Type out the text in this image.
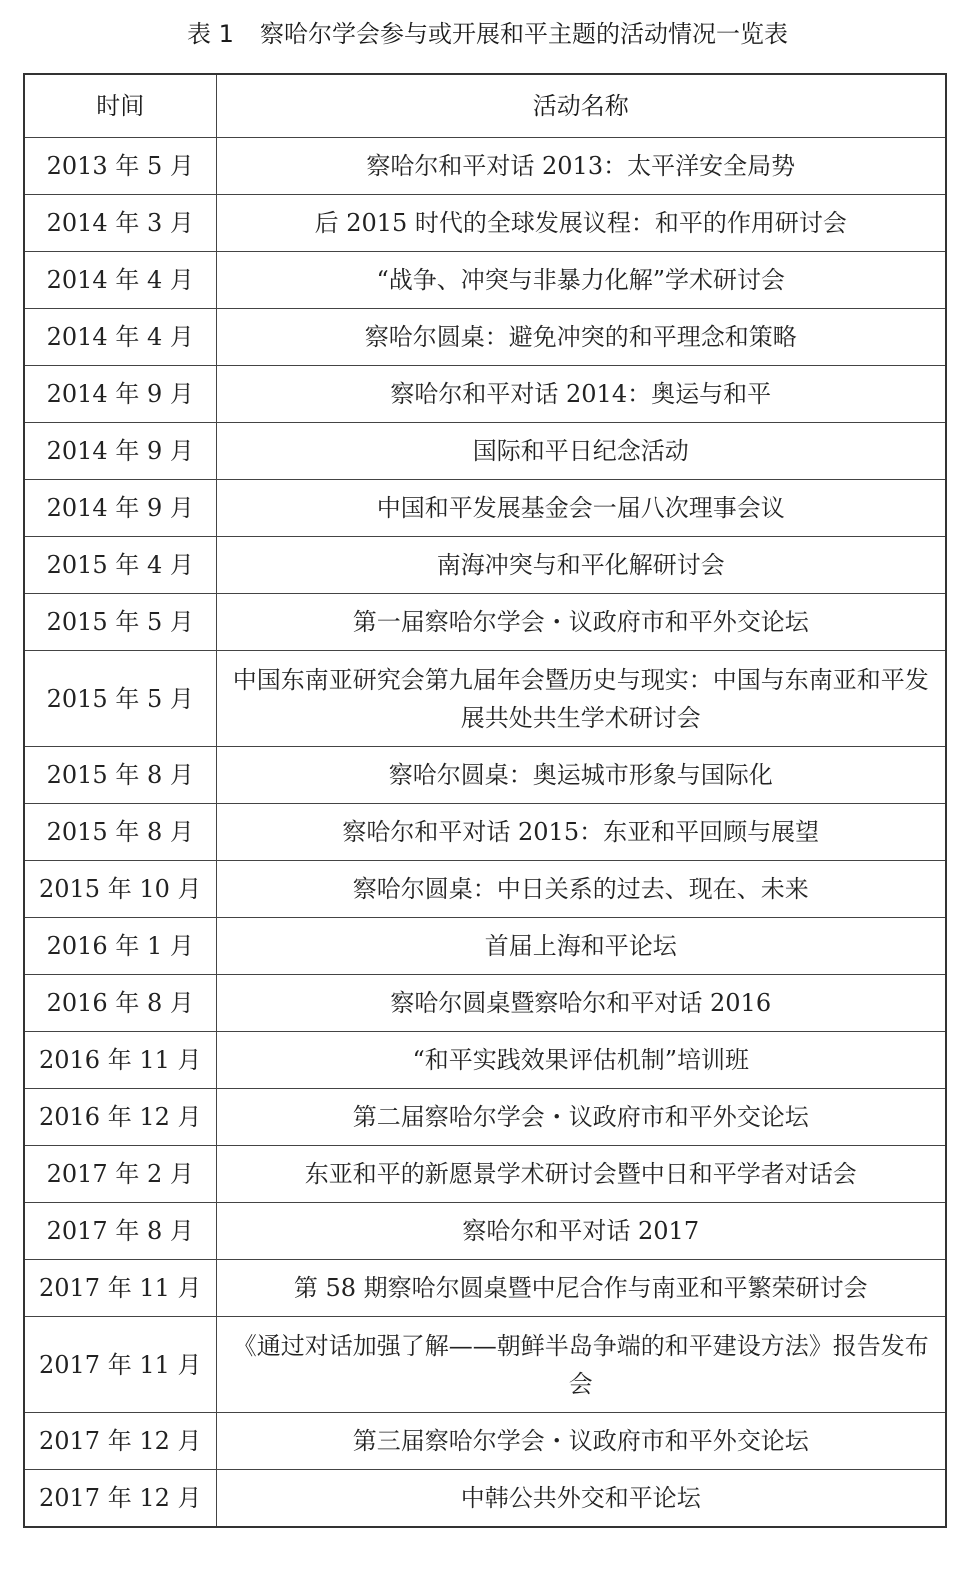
表 1 察哈尔学会参与或开展和平主题的活动情况一览表
时间	活动名称
2013 年 5 月	察哈尔和平对话 2013：太平洋安全局势
2014 年 3 月	后 2015 时代的全球发展议程：和平的作用研讨会
2014 年 4 月	“战争、冲突与非暴力化解”学术研讨会
2014 年 4 月	察哈尔圆桌：避免冲突的和平理念和策略
2014 年 9 月	察哈尔和平对话 2014：奥运与和平
2014 年 9 月	国际和平日纪念活动
2014 年 9 月	中国和平发展基金会一届八次理事会议
2015 年 4 月	南海冲突与和平化解研讨会
2015 年 5 月	第一届察哈尔学会・议政府市和平外交论坛
2015 年 5 月	中国东南亚研究会第九届年会暨历史与现实：中国与东南亚和平发展共处共生学术研讨会
2015 年 8 月	察哈尔圆桌：奥运城市形象与国际化
2015 年 8 月	察哈尔和平对话 2015：东亚和平回顾与展望
2015 年 10 月	察哈尔圆桌：中日关系的过去、现在、未来
2016 年 1 月	首届上海和平论坛
2016 年 8 月	察哈尔圆桌暨察哈尔和平对话 2016
2016 年 11 月	“和平实践效果评估机制”培训班
2016 年 12 月	第二届察哈尔学会・议政府市和平外交论坛
2017 年 2 月	东亚和平的新愿景学术研讨会暨中日和平学者对话会
2017 年 8 月	察哈尔和平对话 2017
2017 年 11 月	第 58 期察哈尔圆桌暨中尼合作与南亚和平繁荣研讨会
2017 年 11 月	《通过对话加强了解——朝鲜半岛争端的和平建设方法》报告发布会
2017 年 12 月	第三届察哈尔学会・议政府市和平外交论坛
2017 年 12 月	中韩公共外交和平论坛
